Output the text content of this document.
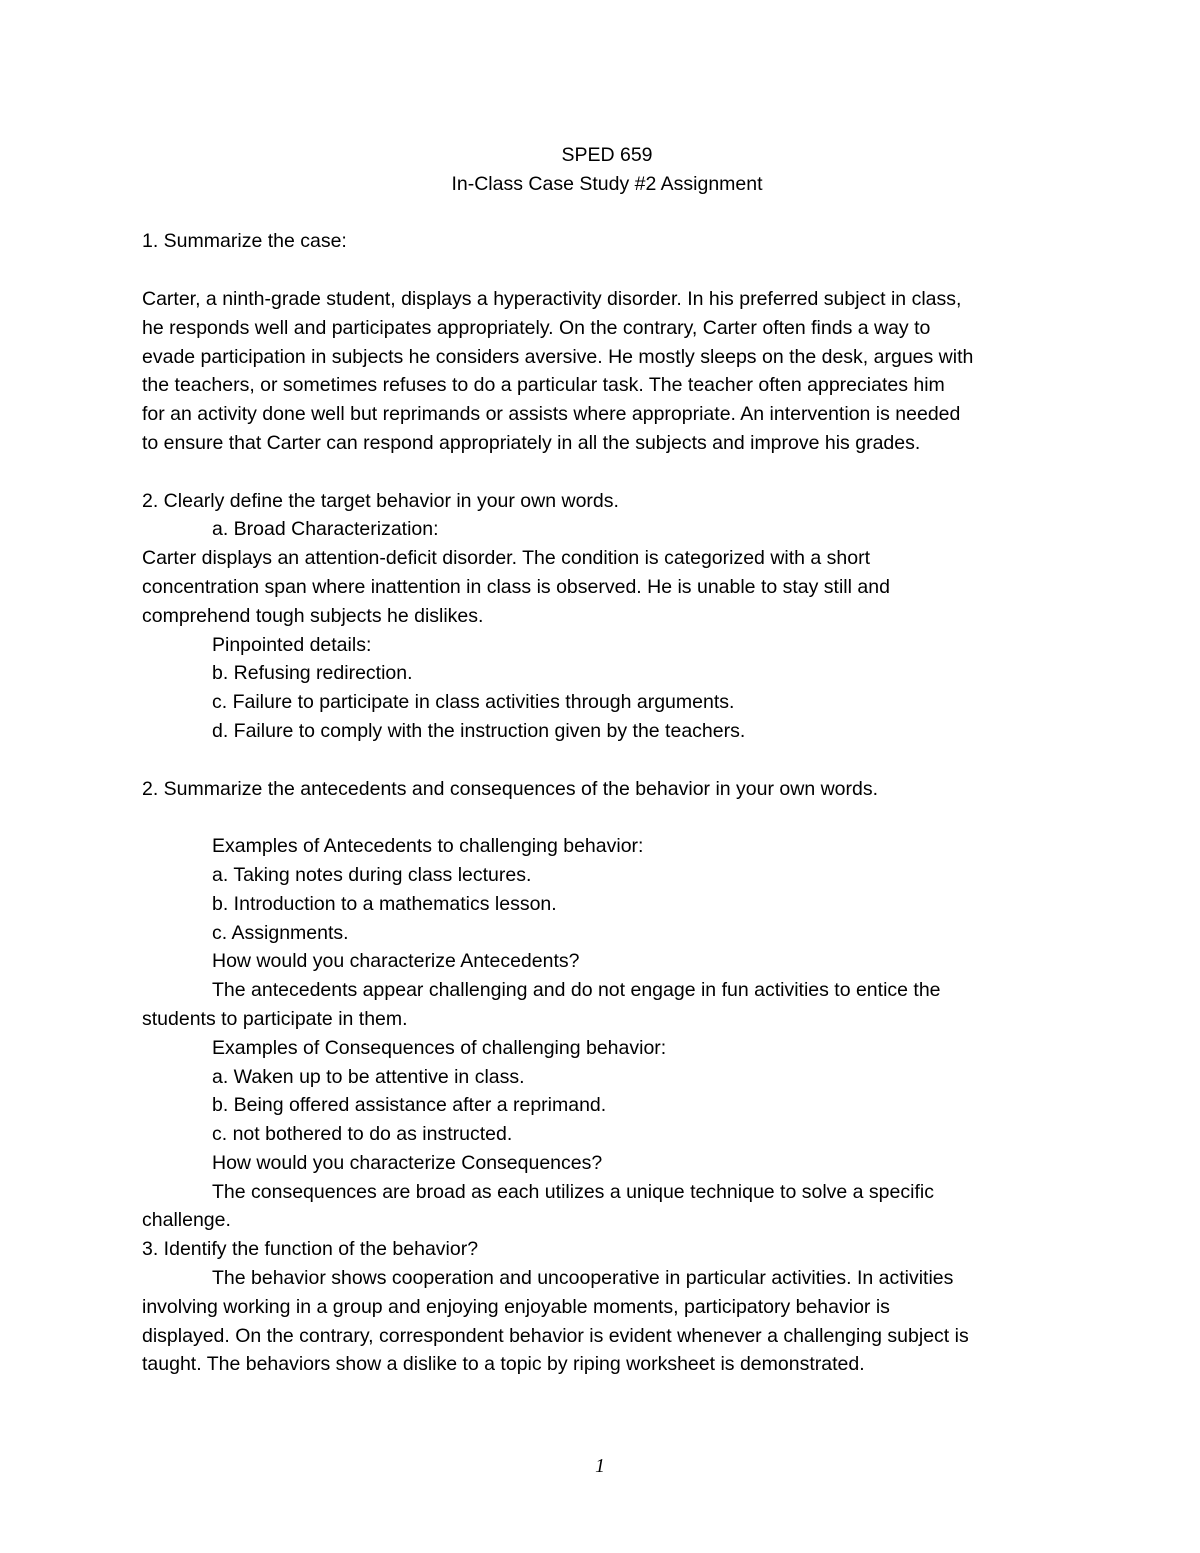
SPED 659
In-Class Case Study #2 Assignment
1. Summarize the case:
Carter, a ninth-grade student, displays a hyperactivity disorder. In his preferred subject in class,
he responds well and participates appropriately. On the contrary, Carter often finds a way to
evade participation in subjects he considers aversive. He mostly sleeps on the desk, argues with
the teachers, or sometimes refuses to do a particular task. The teacher often appreciates him
for an activity done well but reprimands or assists where appropriate. An intervention is needed
to ensure that Carter can respond appropriately in all the subjects and improve his grades.
2. Clearly define the target behavior in your own words.
a. Broad Characterization:
Carter displays an attention-deficit disorder. The condition is categorized with a short
concentration span where inattention in class is observed. He is unable to stay still and
comprehend tough subjects he dislikes.
Pinpointed details:
b. Refusing redirection.
c. Failure to participate in class activities through arguments.
d. Failure to comply with the instruction given by the teachers.
2. Summarize the antecedents and consequences of the behavior in your own words.
Examples of Antecedents to challenging behavior:
a. Taking notes during class lectures.
b. Introduction to a mathematics lesson.
c. Assignments.
How would you characterize Antecedents?
The antecedents appear challenging and do not engage in fun activities to entice the
students to participate in them.
Examples of Consequences of challenging behavior:
a. Waken up to be attentive in class.
b. Being offered assistance after a reprimand.
c. not bothered to do as instructed.
How would you characterize Consequences?
The consequences are broad as each utilizes a unique technique to solve a specific
challenge.
3. Identify the function of the behavior?
The behavior shows cooperation and uncooperative in particular activities. In activities
involving working in a group and enjoying enjoyable moments, participatory behavior is
displayed. On the contrary, correspondent behavior is evident whenever a challenging subject is
taught. The behaviors show a dislike to a topic by riping worksheet is demonstrated.
1
